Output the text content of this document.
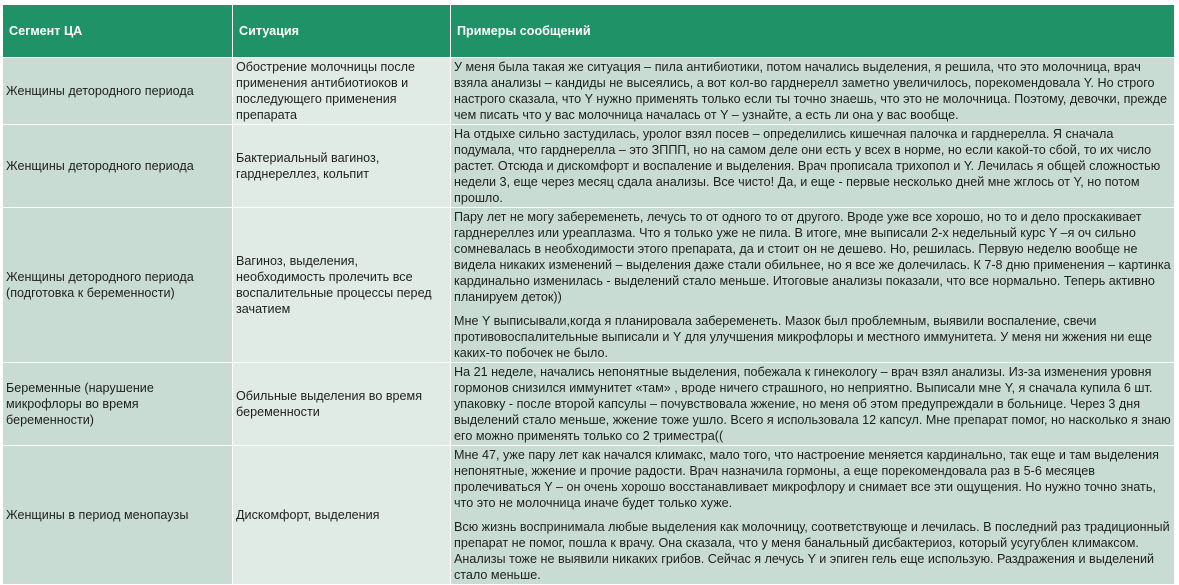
Сегмент ЦА	Ситуация	Примеры сообщений
Женщины детородного периода	Обострение молочницы после применения антибиотиоков и последующего применения препарата	У меня была такая же ситуация – пила антибиотики, потом начались выделения, я решила, что это молочница, врач взяла анализы – кандиды не высеялись, а вот кол-во гарднерелл заметно увеличилось, порекомендовала Y. Но строго настрого сказала, что Y нужно применять только если ты точно знаешь, что это не молочница. Поэтому, девочки, прежде чем писать что у вас молочница началась от Y – узнайте, а есть ли она у вас вообще.

Женщины детородного периода	Бактериальный вагиноз, гарднереллез, кольпит	На отдыхе сильно застудилась, уролог взял посев – определились кишечная палочка и гарднерелла. Я сначала подумала, что гарднерелла – это ЗППП, но на самом деле они есть у всех в норме, но если какой-то сбой, то их число растет. Отсюда и дискомфорт и воспаление и выделения. Врач прописала трихопол и Y. Лечилась я общей сложностью недели 3, еще через месяц сдала анализы. Все чисто! Да, и еще - первые несколько дней мне жглось от Y, но потом прошло.

Женщины детородного периода (подготовка к беременности)	Вагиноз, выделения, необходимость пролечить все воспалительные процессы перед зачатием	Пару лет не могу забеременеть, лечусь то от одного то от другого. Вроде уже все хорошо, но то и дело проскакивает гарднереллез или уреаплазма. Что я только уже не пила. В итоге, мне выписали 2-х недельный курс Y –я оч сильно сомневалась в необходимости этого препарата, да и стоит он не дешево. Но, решилась. Первую неделю вообще не видела никаких изменений – выделения даже стали обильнее, но я все же долечилась. К 7-8 дню применения – картинка кардинально изменилась - выделений стало меньше. Итоговые анализы показали, что все нормально. Теперь активно планируем деток))

Мне Y выписывали,когда я планировала забеременеть. Мазок был проблемным, выявили воспаление, свечи противовоспалительные выписали и Y для улучшения микрофлоры и местного иммунитета. У меня ни жжения ни еще каких-то побочек не было.

Беременные (нарушение микрофлоры во время беременности)	Обильные выделения во время беременности	На 21 неделе, начались непонятные выделения, побежала к гинекологу – врач взял анализы. Из-за изменения уровня гормонов снизился иммунитет «там» , вроде ничего страшного, но неприятно. Выписали мне Y, я сначала купила 6 шт. упаковку - после второй капсулы – почувствовала жжение, но меня об этом предупреждали в больнице. Через 3 дня выделений стало меньше, жжение тоже ушло. Всего я использовала 12 капсул. Мне препарат помог, но насколько я знаю его можно применять только со 2 триместра((

Женщины в период менопаузы	Дискомфорт, выделения	Мне 47, уже пару лет как начался климакс, мало того, что настроение меняется кардинально, так еще и там выделения непонятные, жжение и прочие радости. Врач назначила гормоны, а еще порекомендовала раз в 5-6 месяцев пролечиваться Y – он очень хорошо восстанавливает микрофлору и снимает все эти ощущения. Но нужно точно знать, что это не молочница иначе будет только хуже.

Всю жизнь воспринимала любые выделения как молочницу, соответствующе и лечилась. В последний раз традиционный препарат не помог, пошла к врачу. Она сказала, что у меня банальный дисбактериоз, который усугублен климаксом. Анализы тоже не выявили никаких грибов. Сейчас я лечусь Y и эпиген гель еще использую. Раздражения и выделений стало меньше.
